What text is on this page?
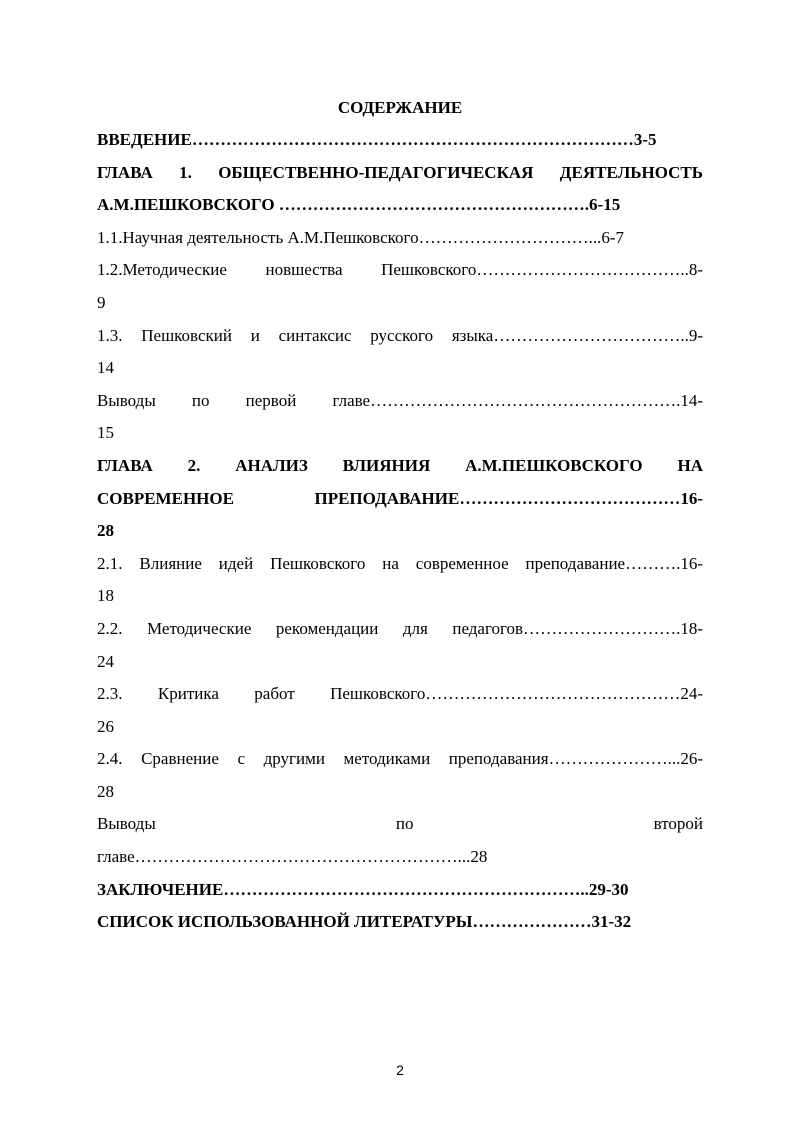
СОДЕРЖАНИЕ
ВВЕДЕНИЕ……………………………………………………………………3-5
ГЛАВА 1. ОБЩЕСТВЕННО-ПЕДАГОГИЧЕСКАЯ ДЕЯТЕЛЬНОСТЬ
А.М.ПЕШКОВСКОГО ……………………………………………….6-15
1.1.Научная деятельность А.М.Пешковского…………………………...6-7
1.2.Методические новшества Пешковского………………………………..8-
9
1.3. Пешковский и синтаксис русского языка……………………………..9-
14
Выводы по первой главе……………………………………………….14-
15
ГЛАВА 2. АНАЛИЗ ВЛИЯНИЯ А.М.ПЕШКОВСКОГО НА
СОВРЕМЕННОЕ ПРЕПОДАВАНИЕ…………………………………16-
28
2.1. Влияние идей Пешковского на современное преподавание……….16-
18
2.2. Методические рекомендации для педагогов……………………….18-
24
2.3. Критика работ Пешковского………………………………………24-
26
2.4. Сравнение с другими методиками преподавания…………………...26-
28
Выводы по второй
главе…………………………………………………...28
ЗАКЛЮЧЕНИЕ………………………………………………………..29-30
СПИСОК ИСПОЛЬЗОВАННОЙ ЛИТЕРАТУРЫ…………………31-32
2
